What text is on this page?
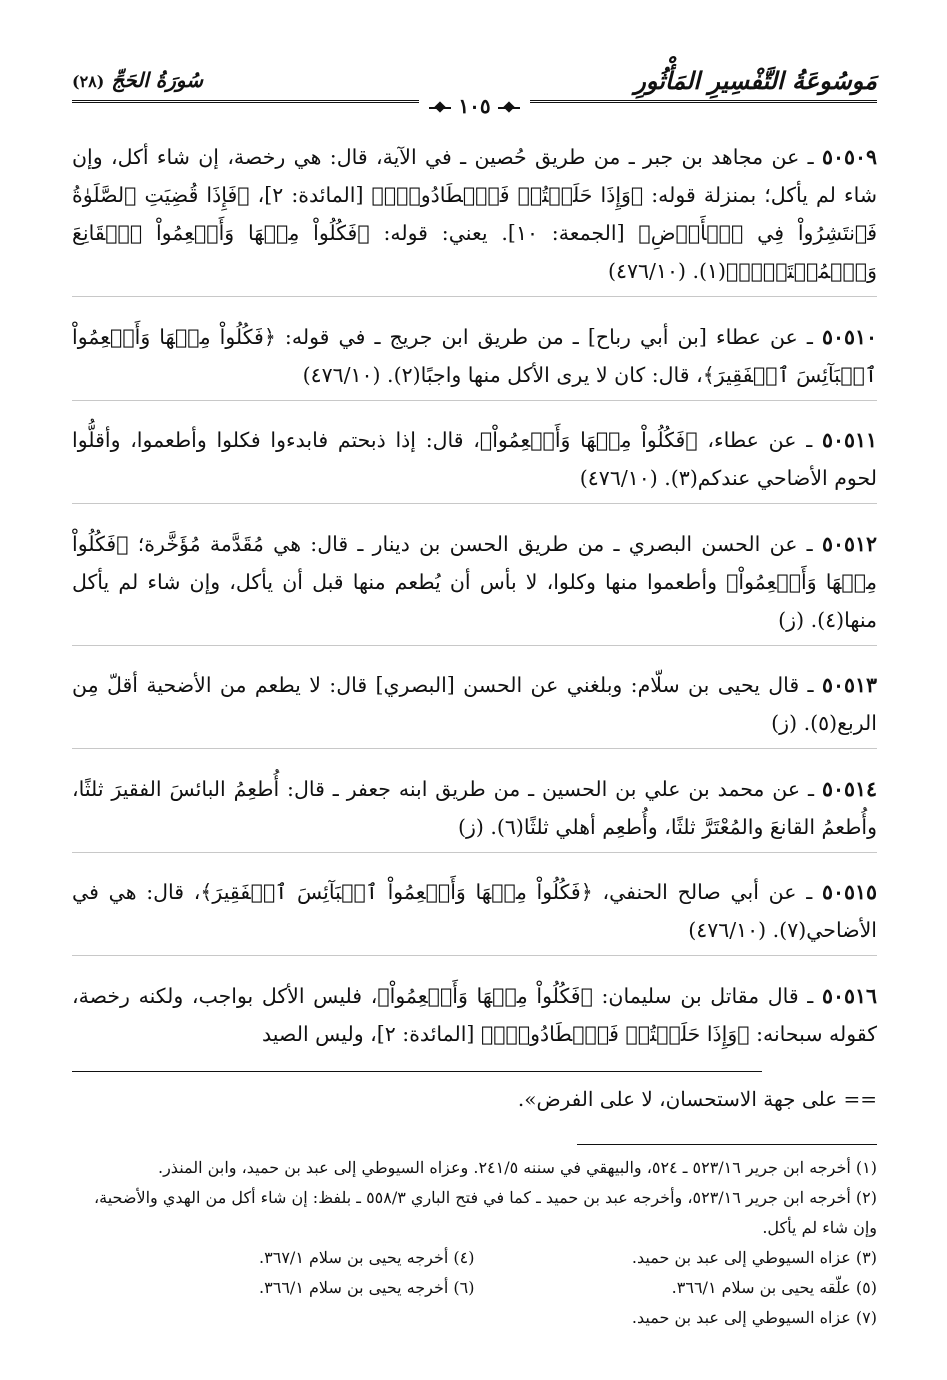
مَوسُوعَةُ التَّفْسِيرِ المَأْثُورِ
سُورَةُ الحَجِّ (٢٨)
١٠٥

٥٠٥٠٩ ـ عن مجاهد بن جبر ـ من طريق حُصين ـ في الآية، قال: هي رخصة، إن شاء أكل، وإن شاء لم يأكل؛ بمنزلة قوله: ﴿وَإِذَا حَلَلۡتُمۡ فَٱصۡطَادُواْۚ﴾ [المائدة: ٢]، ﴿فَإِذَا قُضِيَتِ ٱلصَّلَوٰةُ فَٱنتَشِرُواْ فِي ٱلۡأَرۡضِ﴾ [الجمعة: ١٠]. يعني: قوله: ﴿فَكُلُواْ مِنۡهَا وَأَطۡعِمُواْ ٱلۡقَانِعَ وَٱلۡمُعۡتَرَّۚ﴾(١). (٤٧٦/١٠)

٥٠٥١٠ ـ عن عطاء [بن أبي رباح] ـ من طريق ابن جريج ـ في قوله: ﴿فَكُلُواْ مِنۡهَا وَأَطۡعِمُواْ ٱلۡبَآئِسَ ٱلۡفَقِيرَ﴾، قال: كان لا يرى الأكل منها واجبًا(٢). (٤٧٦/١٠)

٥٠٥١١ ـ عن عطاء، ﴿فَكُلُواْ مِنۡهَا وَأَطۡعِمُواْ﴾، قال: إذا ذبحتم فابدءوا فكلوا وأطعموا، وأقلُّوا لحوم الأضاحي عندكم(٣). (٤٧٦/١٠)

٥٠٥١٢ ـ عن الحسن البصري ـ من طريق الحسن بن دينار ـ قال: هي مُقَدَّمة مُؤَخَّرة؛ ﴿فَكُلُواْ مِنۡهَا وَأَطۡعِمُواْ﴾ وأطعموا منها وكلوا، لا بأس أن يُطعم منها قبل أن يأكل، وإن شاء لم يأكل منها(٤). (ز)

٥٠٥١٣ ـ قال يحيى بن سلّام: وبلغني عن الحسن [البصري] قال: لا يطعم من الأضحية أقلّ مِن الربع(٥). (ز)

٥٠٥١٤ ـ عن محمد بن علي بن الحسين ـ من طريق ابنه جعفر ـ قال: أُطعِمُ البائسَ الفقيرَ ثلثًا، وأُطعمُ القانعَ والمُعْتَرَّ ثلثًا، وأُطعِم أهلي ثلثًا(٦). (ز)

٥٠٥١٥ ـ عن أبي صالح الحنفي، ﴿فَكُلُواْ مِنۡهَا وَأَطۡعِمُواْ ٱلۡبَآئِسَ ٱلۡفَقِيرَ﴾، قال: هي في الأضاحي(٧). (٤٧٦/١٠)

٥٠٥١٦ ـ قال مقاتل بن سليمان: ﴿فَكُلُواْ مِنۡهَا وَأَطۡعِمُواْ﴾، فليس الأكل بواجب، ولكنه رخصة، كقوله سبحانه: ﴿وَإِذَا حَلَلۡتُمۡ فَٱصۡطَادُواْۚ﴾ [المائدة: ٢]، وليس الصيد

== على جهة الاستحسان، لا على الفرض».
(١) أخرجه ابن جرير ٥٢٣/١٦ ـ ٥٢٤، والبيهقي في سننه ٢٤١/٥. وعزاه السيوطي إلى عبد بن حميد، وابن المنذر.
(٢) أخرجه ابن جرير ٥٢٣/١٦، وأخرجه عبد بن حميد ـ كما في فتح الباري ٥٥٨/٣ ـ بلفظ: إن شاء أكل من الهدي والأضحية، وإن شاء لم يأكل.
(٣) عزاه السيوطي إلى عبد بن حميد.
(٤) أخرجه يحيى بن سلام ٣٦٧/١.
(٥) علّقه يحيى بن سلام ٣٦٦/١.
(٦) أخرجه يحيى بن سلام ٣٦٦/١.
(٧) عزاه السيوطي إلى عبد بن حميد.
